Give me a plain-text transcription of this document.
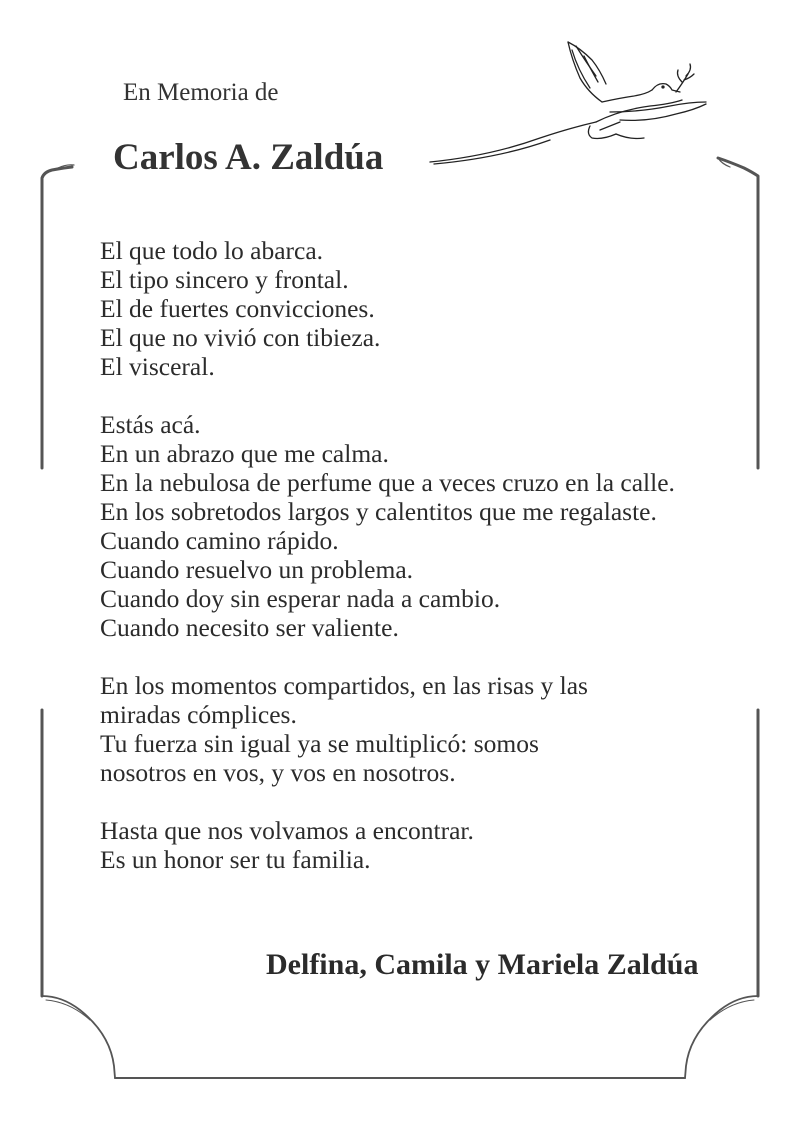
En Memoria de
Carlos A. Zaldúa
El que todo lo abarca.
El tipo sincero y frontal.
El de fuertes convicciones.
El que no vivió con tibieza.
El visceral.
Estás acá.
En un abrazo que me calma.
En la nebulosa de perfume que a veces cruzo en la calle.
En los sobretodos largos y calentitos que me regalaste.
Cuando camino rápido.
Cuando resuelvo un problema.
Cuando doy sin esperar nada a cambio.
Cuando necesito ser valiente.
En los momentos compartidos, en las risas y las
miradas cómplices.
Tu fuerza sin igual ya se multiplicó: somos
nosotros en vos, y vos en nosotros.
Hasta que nos volvamos a encontrar.
Es un honor ser tu familia.
Delfina, Camila y Mariela Zaldúa
